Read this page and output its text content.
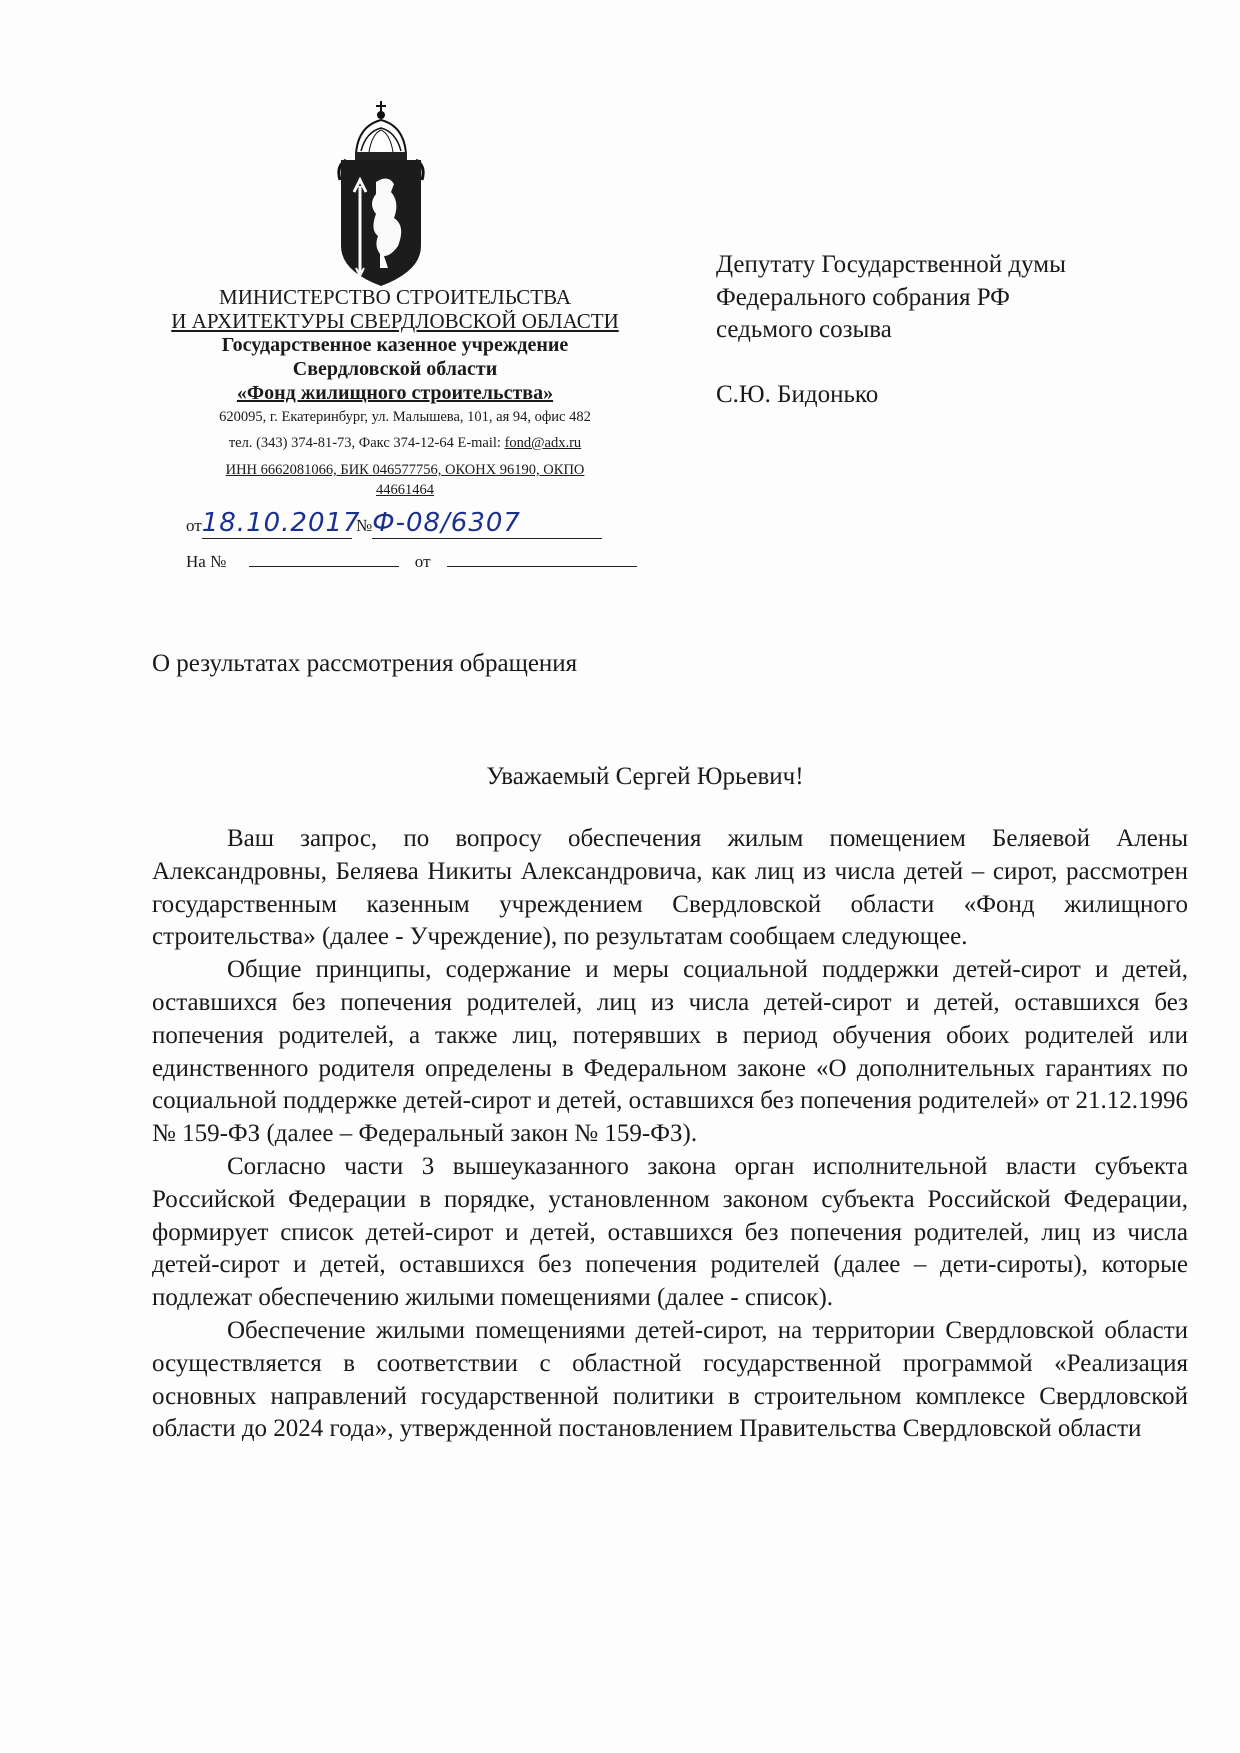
МИНИСТЕРСТВО СТРОИТЕЛЬСТВА
И АРХИТЕКТУРЫ СВЕРДЛОВСКОЙ ОБЛАСТИ
Государственное казенное учреждение
Свердловской области
«Фонд жилищного строительства»
620095, г. Екатеринбург, ул. Малышева, 101, ая 94, офис 482
тел. (343) 374-81-73, Факс 374-12-64 E-mail: fond@adx.ru
ИНН 6662081066, БИК 046577756, ОКОНХ 96190, ОКПО
44661464
от18.10.2017 №Ф-08/6307
На №	от
Депутату Государственной думы
Федерального собрания РФ
седьмого созыва
С.Ю. Бидонько
О результатах рассмотрения обращения
Уважаемый Сергей Юрьевич!

Ваш запрос, по вопросу обеспечения жилым помещением Беляевой Алены Александровны, Беляева Никиты Александровича, как лиц из числа детей – сирот, рассмотрен государственным казенным учреждением Свердловской области «Фонд жилищного строительства» (далее - Учреждение), по результатам сообщаем следующее.

Общие принципы, содержание и меры социальной поддержки детей-сирот и детей, оставшихся без попечения родителей, лиц из числа детей-сирот и детей, оставшихся без попечения родителей, а также лиц, потерявших в период обучения обоих родителей или единственного родителя определены в Федеральном законе «О дополнительных гарантиях по социальной поддержке детей-сирот и детей, оставшихся без попечения родителей» от 21.12.1996 № 159-ФЗ (далее – Федеральный закон № 159-ФЗ).

Согласно части 3 вышеуказанного закона орган исполнительной власти субъекта Российской Федерации в порядке, установленном законом субъекта Российской Федерации, формирует список детей-сирот и детей, оставшихся без попечения родителей, лиц из числа детей-сирот и детей, оставшихся без попечения родителей (далее – дети-сироты), которые подлежат обеспечению жилыми помещениями (далее - список).

Обеспечение жилыми помещениями детей-сирот, на территории Свердловской области осуществляется в соответствии с областной государственной программой «Реализация основных направлений государственной политики в строительном комплексе Свердловской области до 2024 года», утвержденной постановлением Правительства Свердловской области
